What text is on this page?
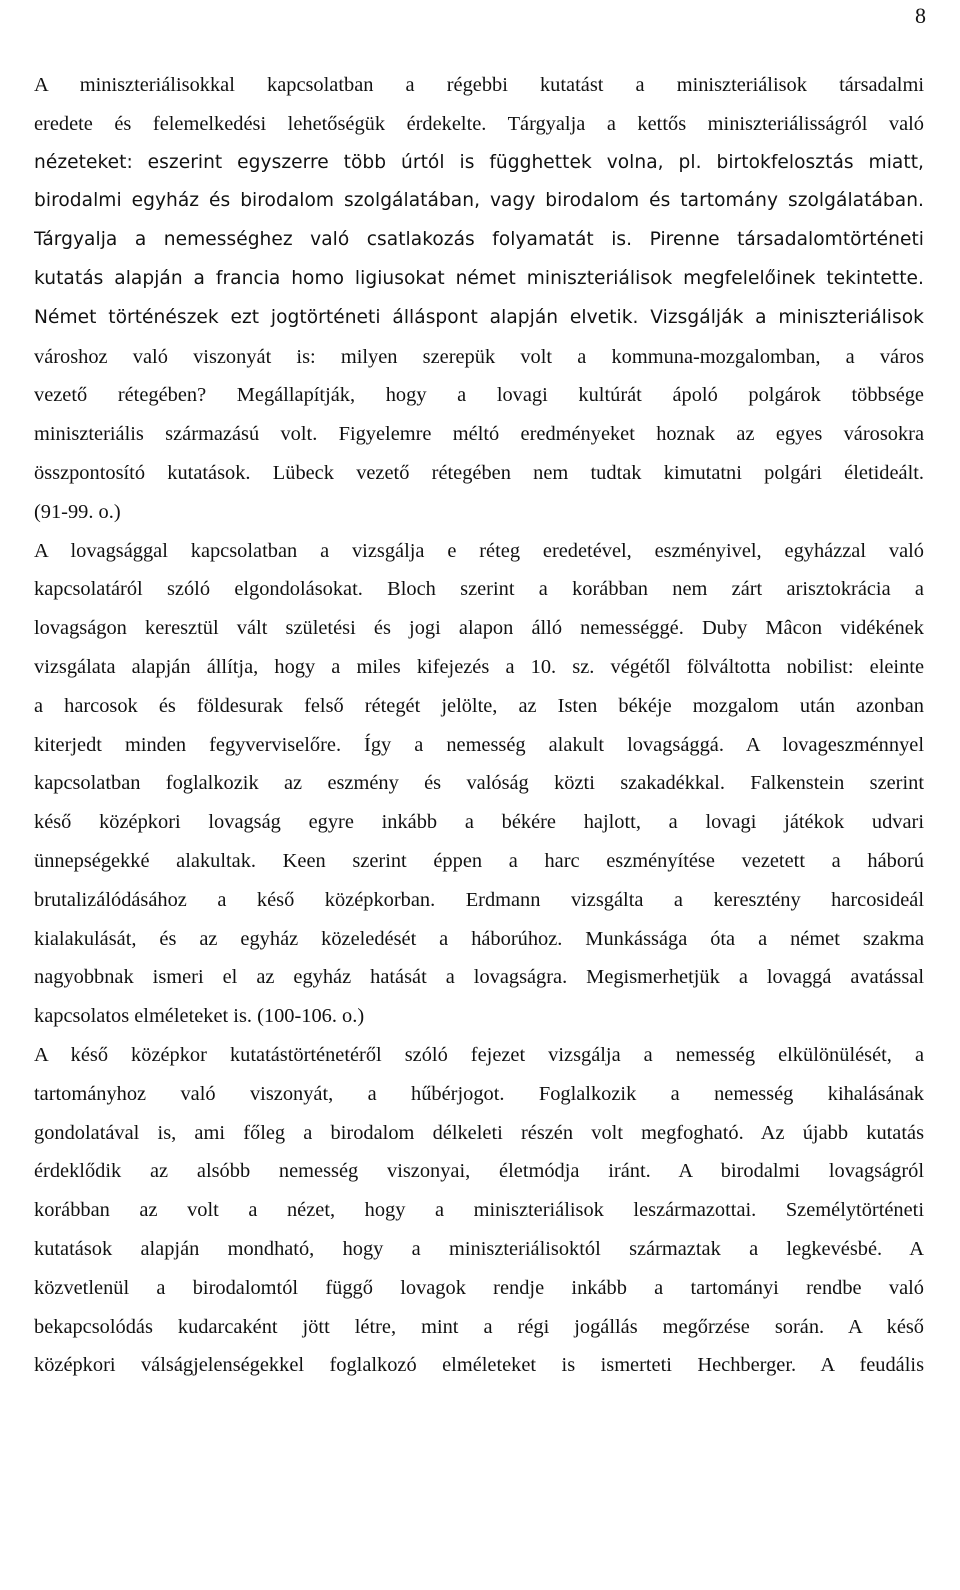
8
A miniszteriálisokkal kapcsolatban a régebbi kutatást a miniszteriálisok társadalmi
eredete és felemelkedési lehetőségük érdekelte. Tárgyalja a kettős miniszteriálisságról való
nézeteket: eszerint egyszerre több úrtól is függhettek volna, pl. birtokfelosztás miatt,
birodalmi egyház és birodalom szolgálatában, vagy birodalom és tartomány szolgálatában.
Tárgyalja a nemességhez való csatlakozás folyamatát is. Pirenne társadalomtörténeti
kutatás alapján a francia homo ligiusokat német miniszteriálisok megfelelőinek tekintette.
Német történészek ezt jogtörténeti álláspont alapján elvetik. Vizsgálják a miniszteriálisok
városhoz való viszonyát is: milyen szerepük volt a kommuna-mozgalomban, a város
vezető rétegében? Megállapítják, hogy a lovagi kultúrát ápoló polgárok többsége
miniszteriális származású volt. Figyelemre méltó eredményeket hoznak az egyes városokra
összpontosító kutatások. Lübeck vezető rétegében nem tudtak kimutatni polgári életideált.
(91-99. o.)
A lovagsággal kapcsolatban a vizsgálja e réteg eredetével, eszményivel, egyházzal való
kapcsolatáról szóló elgondolásokat. Bloch szerint a korábban nem zárt arisztokrácia a
lovagságon keresztül vált születési és jogi alapon álló nemességgé. Duby Mâcon vidékének
vizsgálata alapján állítja, hogy a miles kifejezés a 10. sz. végétől fölváltotta nobilist: eleinte
a harcosok és földesurak felső rétegét jelölte, az Isten békéje mozgalom után azonban
kiterjedt minden fegyverviselőre. Így a nemesség alakult lovagsággá. A lovageszménnyel
kapcsolatban foglalkozik az eszmény és valóság közti szakadékkal. Falkenstein szerint
késő középkori lovagság egyre inkább a békére hajlott, a lovagi játékok udvari
ünnepségekké alakultak. Keen szerint éppen a harc eszményítése vezetett a háború
brutalizálódásához a késő középkorban. Erdmann vizsgálta a keresztény harcosideál
kialakulását, és az egyház közeledését a háborúhoz. Munkássága óta a német szakma
nagyobbnak ismeri el az egyház hatását a lovagságra. Megismerhetjük a lovaggá avatással
kapcsolatos elméleteket is. (100-106. o.)
A késő középkor kutatástörténetéről szóló fejezet vizsgálja a nemesség elkülönülését, a
tartományhoz való viszonyát, a hűbérjogot. Foglalkozik a nemesség kihalásának
gondolatával is, ami főleg a birodalom délkeleti részén volt megfogható. Az újabb kutatás
érdeklődik az alsóbb nemesség viszonyai, életmódja iránt. A birodalmi lovagságról
korábban az volt a nézet, hogy a miniszteriálisok leszármazottai. Személytörténeti
kutatások alapján mondható, hogy a miniszteriálisoktól származtak a legkevésbé. A
közvetlenül a birodalomtól függő lovagok rendje inkább a tartományi rendbe való
bekapcsolódás kudarcaként jött létre, mint a régi jogállás megőrzése során. A késő
középkori válságjelenségekkel foglalkozó elméleteket is ismerteti Hechberger. A feudális
